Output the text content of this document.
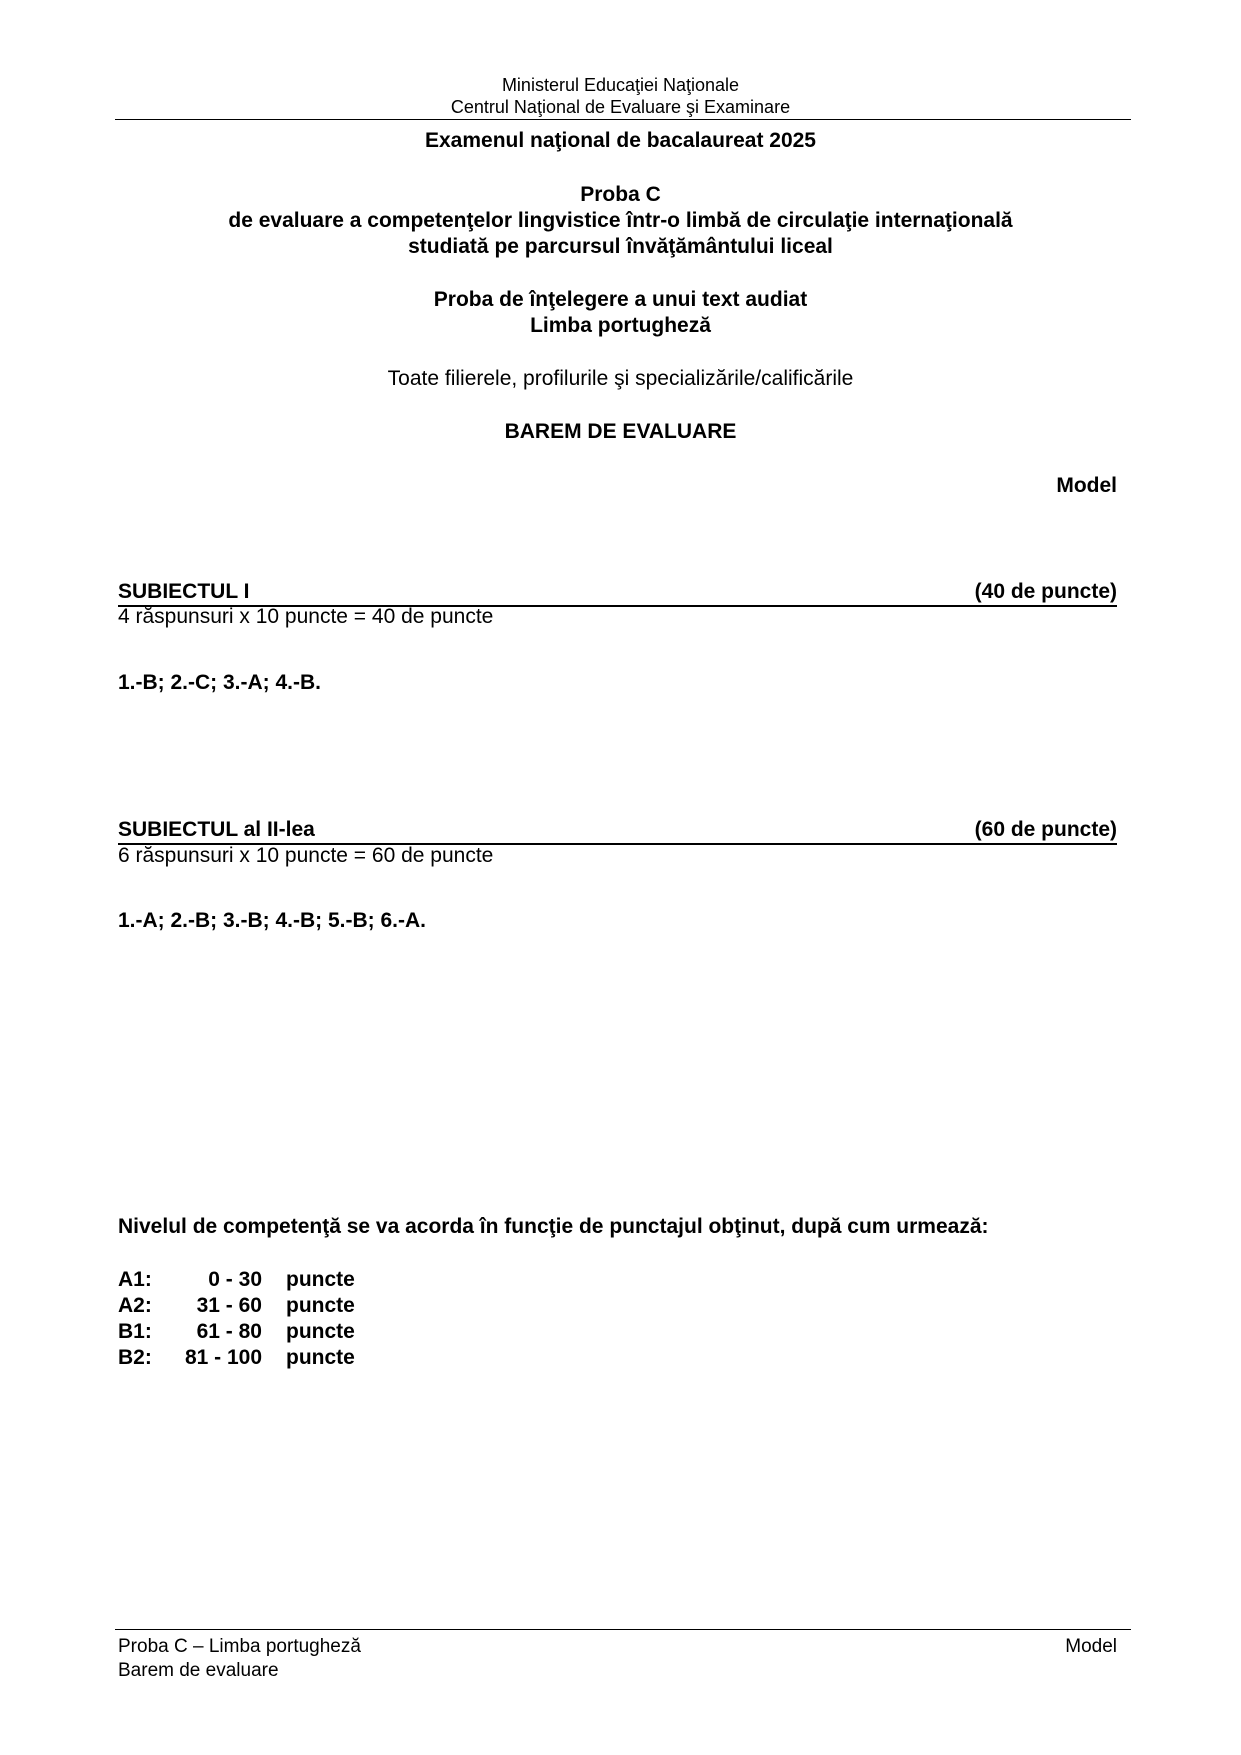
Ministerul Educaţiei Naţionale
Centrul Naţional de Evaluare şi Examinare
Examenul naţional de bacalaureat 2025
Proba C
de evaluare a competenţelor lingvistice într-o limbă de circulaţie internaţională
studiată pe parcursul învăţământului liceal
Proba de înţelegere a unui text audiat
Limba portugheză
Toate filierele, profilurile şi specializările/calificările
BAREM DE EVALUARE
Model
SUBIECTUL I	(40 de puncte)
4 răspunsuri x 10 puncte = 40 de puncte
1.-B; 2.-C; 3.-A; 4.-B.
SUBIECTUL al II-lea	(60 de puncte)
6 răspunsuri x 10 puncte = 60 de puncte
1.-A; 2.-B; 3.-B; 4.-B; 5.-B; 6.-A.
Nivelul de competenţă se va acorda în funcţie de punctajul obţinut, după cum urmează:
A1:	0 - 30	puncte
A2:	31 - 60	puncte
B1:	61 - 80	puncte
B2:	81 - 100	puncte
Proba C – Limba portugheză
Barem de evaluare
Model
